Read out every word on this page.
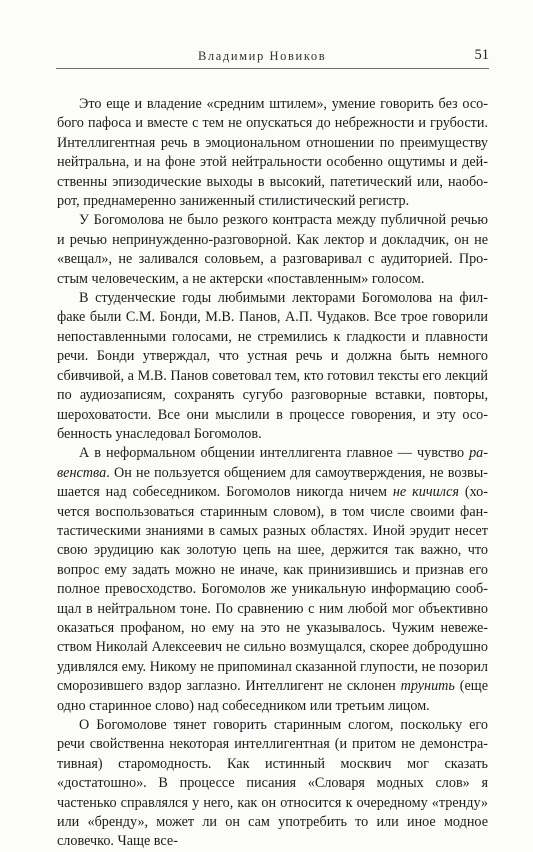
Владимир Новиков	51

Это еще и владение «средним штилем», умение говорить без особого пафоса и вместе с тем не опускаться до небрежности и грубости. Интеллигентная речь в эмоциональном отношении по преимуществу нейтральна, и на фоне этой нейтральности особенно ощутимы и действенны эпизодические выходы в высокий, патетический или, наоборот, преднамеренно заниженный стилистический регистр.

У Богомолова не было резкого контраста между публичной речью и речью непринужденно-разговорной. Как лектор и докладчик, он не «вещал», не заливался соловьем, а разговаривал с аудиторией. Простым человеческим, а не актерски «поставленным» голосом.

В студенческие годы любимыми лекторами Богомолова на филфаке были С.М. Бонди, М.В. Панов, А.П. Чудаков. Все трое говорили непоставленными голосами, не стремились к гладкости и плавности речи. Бонди утверждал, что устная речь и должна быть немного сбивчивой, а М.В. Панов советовал тем, кто готовил тексты его лекций по аудиозаписям, сохранять сугубо разговорные вставки, повторы, шероховатости. Все они мыслили в процессе говорения, и эту особенность унаследовал Богомолов.

А в неформальном общении интеллигента главное — чувство равенства. Он не пользуется общением для самоутверждения, не возвышается над собеседником. Богомолов никогда ничем не кичился (хочется воспользоваться старинным словом), в том числе своими фантастическими знаниями в самых разных областях. Иной эрудит несет свою эрудицию как золотую цепь на шее, держится так важно, что вопрос ему задать можно не иначе, как принизившись и признав его полное превосходство. Богомолов же уникальную информацию сообщал в нейтральном тоне. По сравнению с ним любой мог объективно оказаться профаном, но ему на это не указывалось. Чужим невежеством Николай Алексеевич не сильно возмущался, скорее добродушно удивлялся ему. Никому не припоминал сказанной глупости, не позорил сморозившего вздор заглазно. Интеллигент не склонен трунить (еще одно старинное слово) над собеседником или третьим лицом.

О Богомолове тянет говорить старинным слогом, поскольку его речи свойственна некоторая интеллигентная (и притом не демонстративная) старомодность. Как истинный москвич мог сказать «достатошно». В процессе писания «Словаря модных слов» я частенько справлялся у него, как он относится к очередному «тренду» или «бренду», может ли он сам употребить то или иное модное словечко. Чаще все-
